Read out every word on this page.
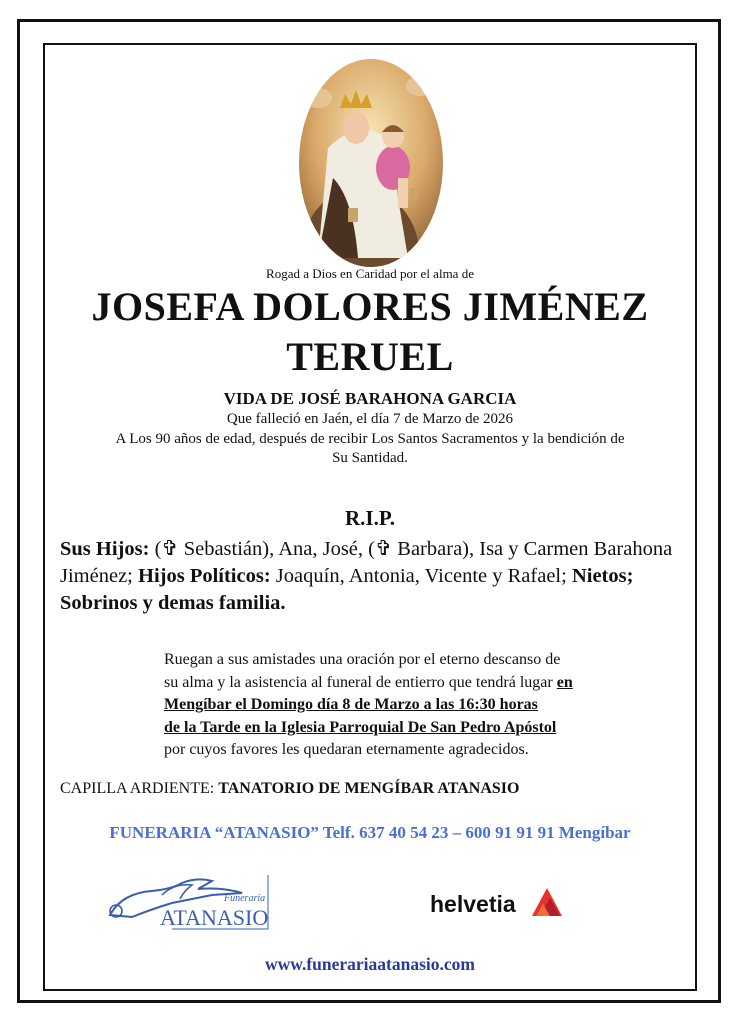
Rogad a Dios en Caridad por el alma de

JOSEFA DOLORES JIMÉNEZ
TERUEL

VIDA DE JOSÉ BARAHONA GARCIA

Que falleció en Jaén, el día 7 de Marzo de 2026

A Los 90 años de edad, después de recibir Los Santos Sacramentos y la bendición de
Su Santidad.

R.I.P.

Sus Hijos: (✞ Sebastián), Ana, José, (✞ Barbara), Isa y Carmen Barahona Jiménez; Hijos Políticos: Joaquín, Antonia, Vicente y Rafael; Nietos; Sobrinos y demas familia.

Ruegan a sus amistades una oración por el eterno descanso de
su alma y la asistencia al funeral de entierro que tendrá lugar en
Mengíbar el Domingo día 8 de Marzo a las 16:30 horas
de la Tarde en la Iglesia Parroquial De San Pedro Apóstol
por cuyos favores les quedaran eternamente agradecidos.

CAPILLA ARDIENTE: TANATORIO DE MENGÍBAR ATANASIO

FUNERARIA “ATANASIO” Telf. 637 40 54 23 – 600 91 91 91 Mengíbar

Funeraria
ATANASIO
helvetia

www.funerariaatanasio.com
